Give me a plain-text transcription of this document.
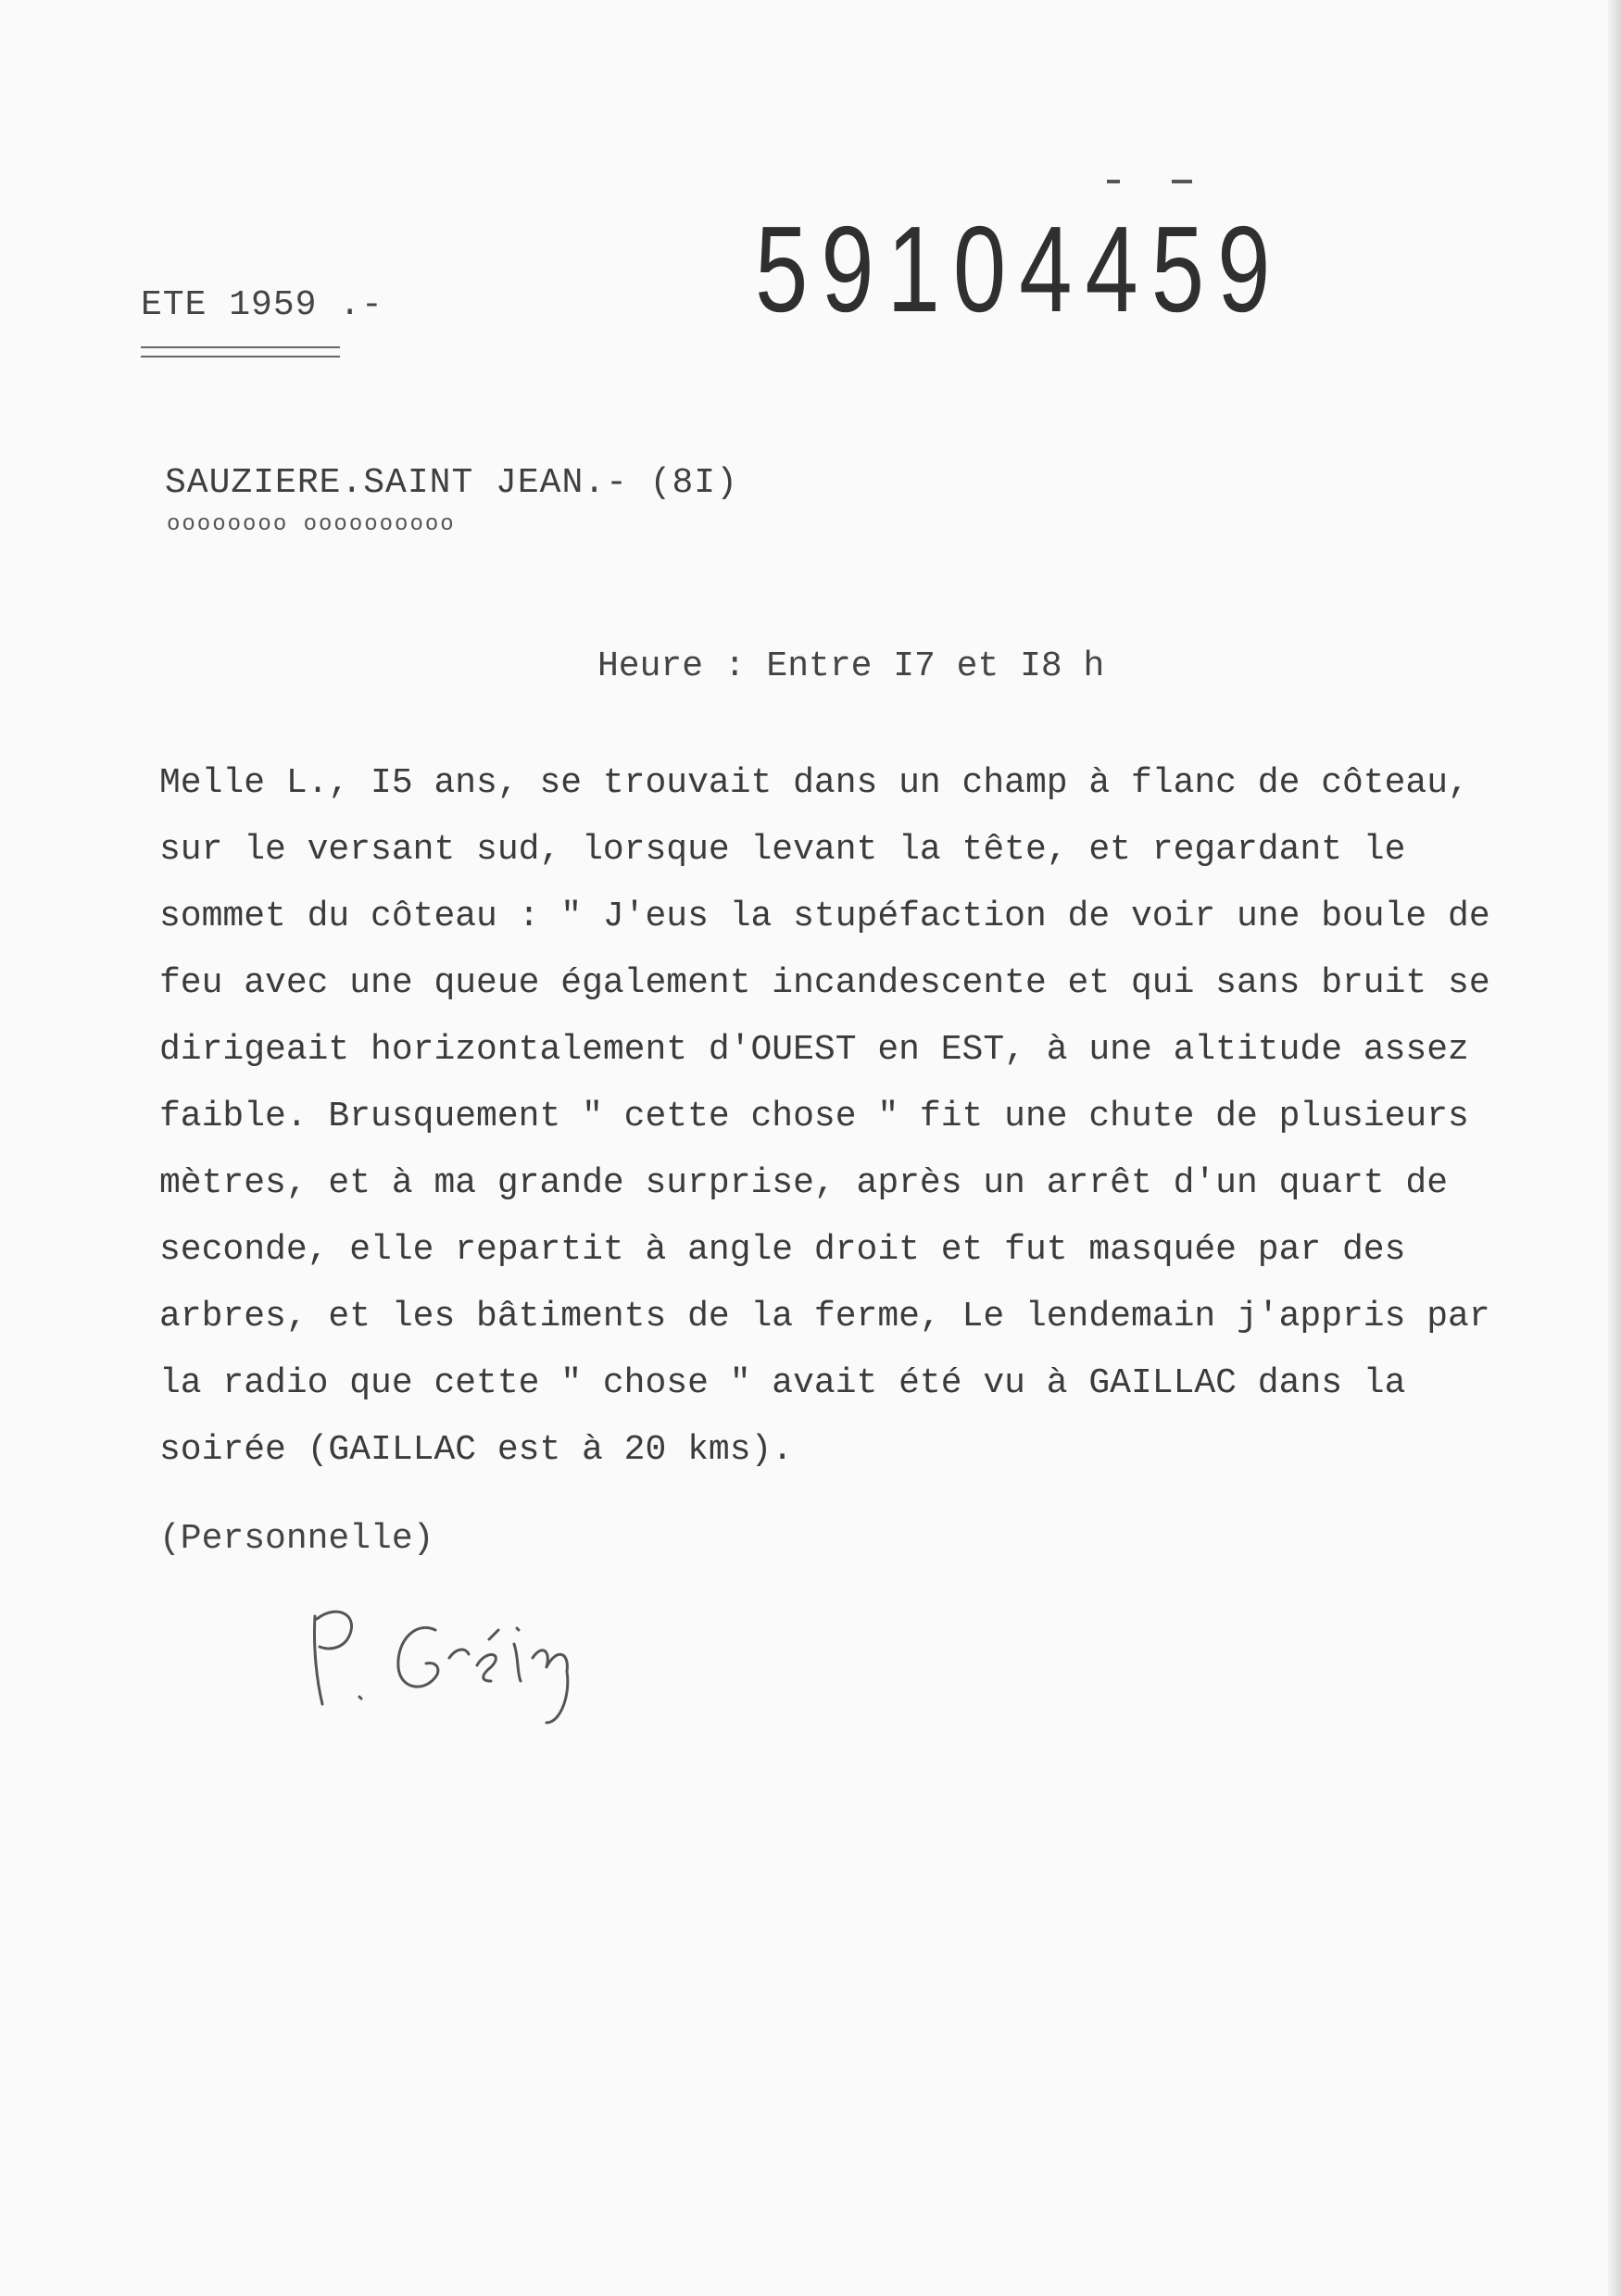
59104459
ETE 1959 .-
SAUZIERE.SAINT JEAN.- (8I)
oooooooo oooooooooo
Heure : Entre I7 et I8 h
Melle L., I5 ans, se trouvait dans un champ à flanc de côteau,
sur le versant sud, lorsque levant la tête, et regardant le
sommet du côteau : " J'eus la stupéfaction de voir une boule de
feu avec une queue également incandescente et qui sans bruit se
dirigeait horizontalement d'OUEST en EST, à une altitude assez
faible. Brusquement " cette chose " fit une chute de plusieurs
mètres, et à ma grande surprise, après un arrêt d'un quart de
seconde, elle repartit à angle droit et fut masquée par des
arbres, et les bâtiments de la ferme, Le lendemain j'appris par
la radio que cette " chose " avait été vu à GAILLAC dans la
soirée (GAILLAC est à 20 kms).
(Personnelle)
